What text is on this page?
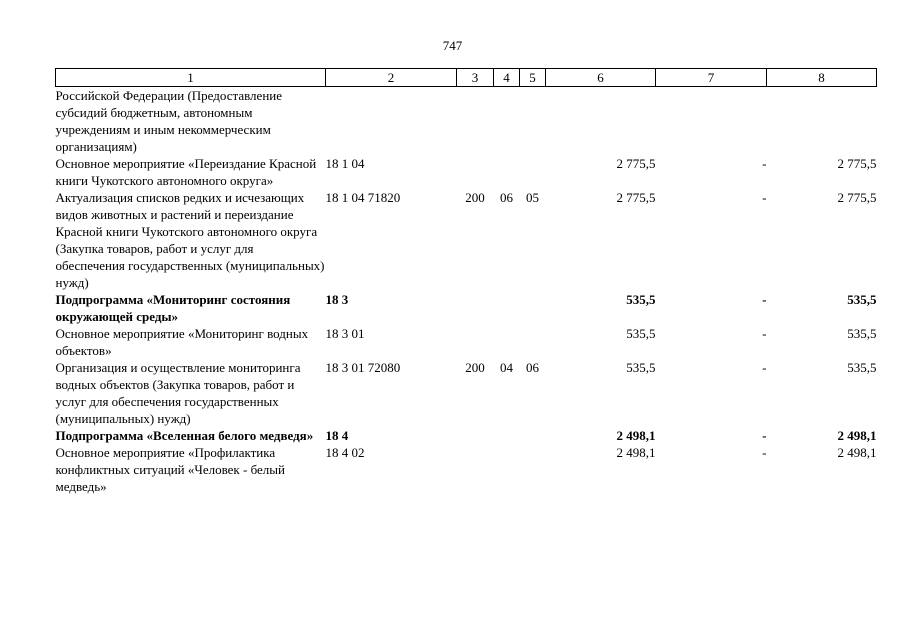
747
1	2	3	4	5	6	7	8
Российской Федерации (Предоставление субсидий бюджетным, автономным учреждениям и иным некоммерческим организациям)							
Основное мероприятие «Переиздание Красной книги Чукотского автономного округа»	18 1 04				2 775,5	-	2 775,5
Актуализация списков редких и исчезающих видов животных и растений и переиздание Красной книги Чукотского автономного округа (Закупка товаров, работ и услуг для обеспечения государственных (муниципальных) нужд)	18 1 04 71820	200	06	05	2 775,5	-	2 775,5
Подпрограмма «Мониторинг состояния окружающей среды»	18 3				535,5	-	535,5
Основное мероприятие «Мониторинг водных объектов»	18 3 01				535,5	-	535,5
Организация и осуществление мониторинга водных объектов (Закупка товаров, работ и услуг для обеспечения государственных (муниципальных) нужд)	18 3 01 72080	200	04	06	535,5	-	535,5
Подпрограмма «Вселенная белого медведя»	18 4				2 498,1	-	2 498,1
Основное мероприятие «Профилактика конфликтных ситуаций «Человек - белый медведь»	18 4 02				2 498,1	-	2 498,1
